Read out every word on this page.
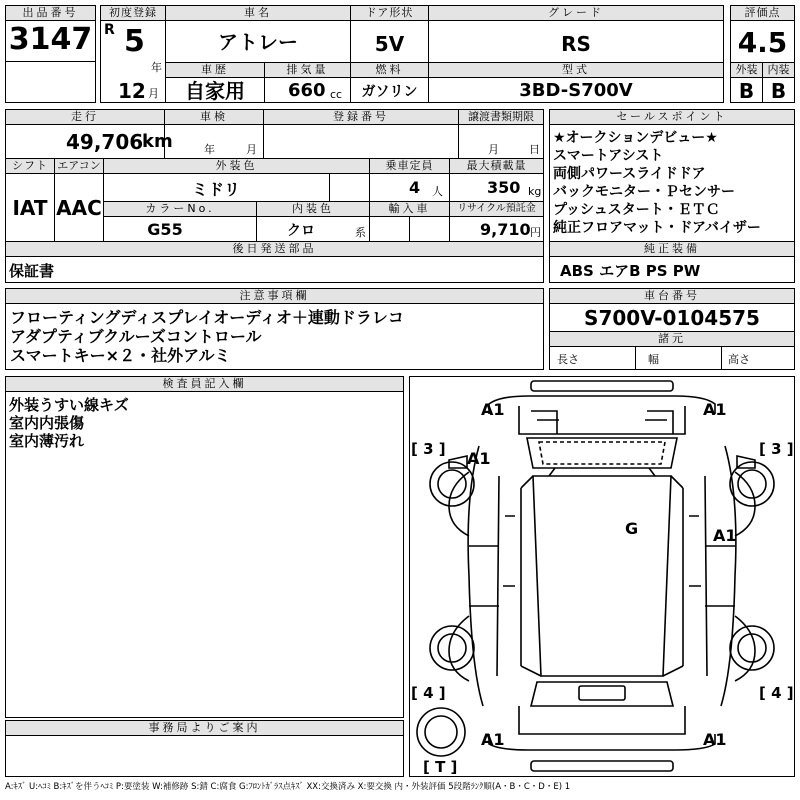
出品番号
3147
初度登録
R 5
年
12 月
車名
アトレー
車歴
自家用
排気量
660 cc
ドア形状
5V
燃料
ガソリン
グレード
RS
型式
3BD-S700V
評価点
4.5
外装 内装
B B
走行
49,706
km
車検
年	月
登録番号	譲渡書類期限
月	日
シフト
IAT
エアコン
AAC
外装色
ミドリ
カラーNo.
G55
内装色
クロ	系
乗車定員
4 人
輸入車
最大積載量
350 kg
リサイクル預託金
9,710 円
セールスポイント
★オークションデビュー★
スマートアシスト
両側パワースライドドア
バックモニター・Ｐセンサー
プッシュスタート・ＥＴＣ
純正フロアマット・ドアバイザー
後日発送部品
保証書
純正装備
ABS エアB PS PW
注意事項欄
フローティングディスプレイオーディオ＋連動ドラレコ
アダプティブクルーズコントロール
スマートキー×２・社外アルミ
車台番号
S700V-0104575
諸元
長さ	幅	高さ
検査員記入欄
外装うすい線キズ
室内内張傷
室内薄汚れ
事務局よりご案内
A1	A1
A1
G	A1
A1	A1
[ 3 ]	[ 3 ]
[ 4 ]	[ 4 ]
[ T ]
A:ｷｽﾞ U:ﾍｺﾐ B:ｷｽﾞを伴うﾍｺﾐ P:要塗装 W:補修跡 S:錆 C:腐食 G:ﾌﾛﾝﾄｶﾞﾗｽ点ｷｽﾞ XX:交換済み X:要交換 内・外装評価 5段階ﾗﾝｸ順(A・B・C・D・E) 1
